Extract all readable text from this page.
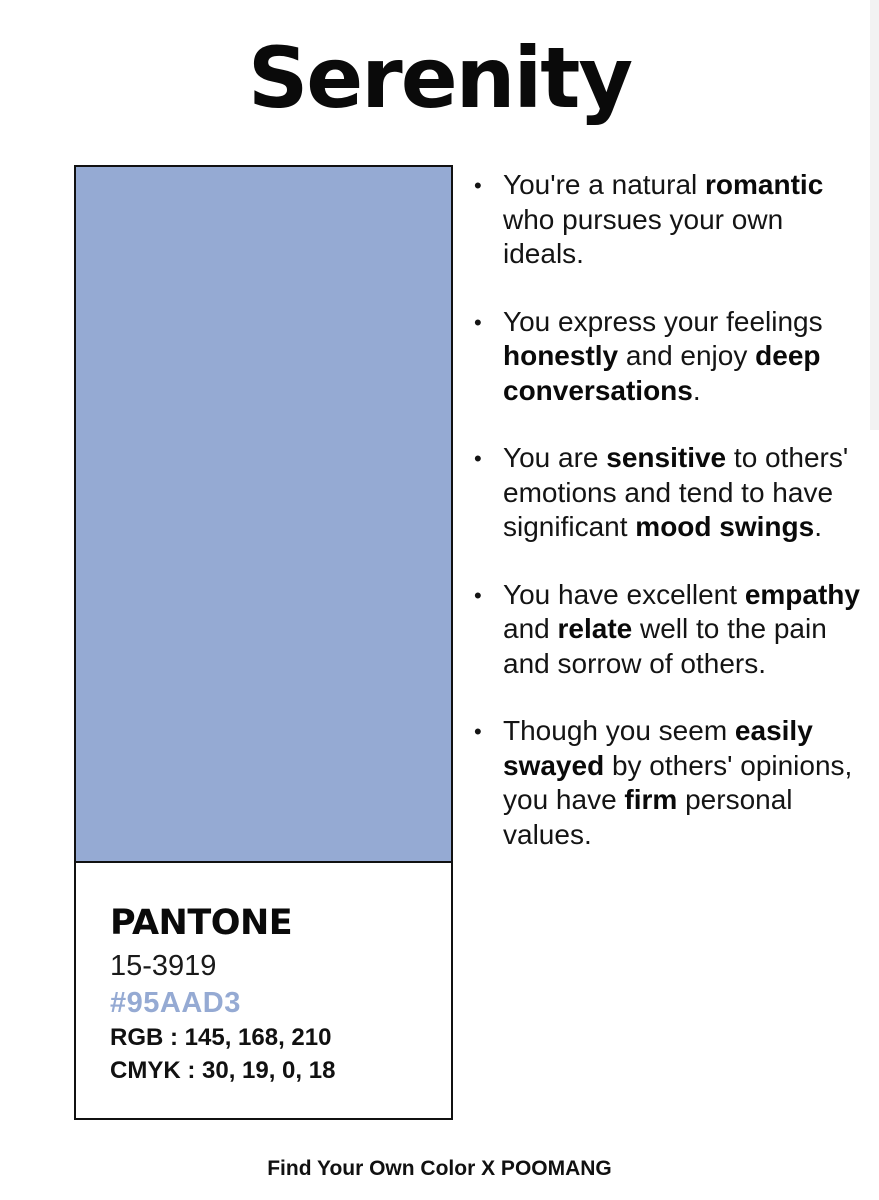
Serenity
PANTONE
15-3919
#95AAD3
RGB : 145, 168, 210
CMYK : 30, 19, 0, 18
• You're a natural romantic who pursues your own ideals.
• You express your feelings honestly and enjoy deep conversations.
• You are sensitive to others' emotions and tend to have significant mood swings.
• You have excellent empathy and relate well to the pain and sorrow of others.
• Though you seem easily swayed by others' opinions, you have firm personal values.
Find Your Own Color X POOMANG
